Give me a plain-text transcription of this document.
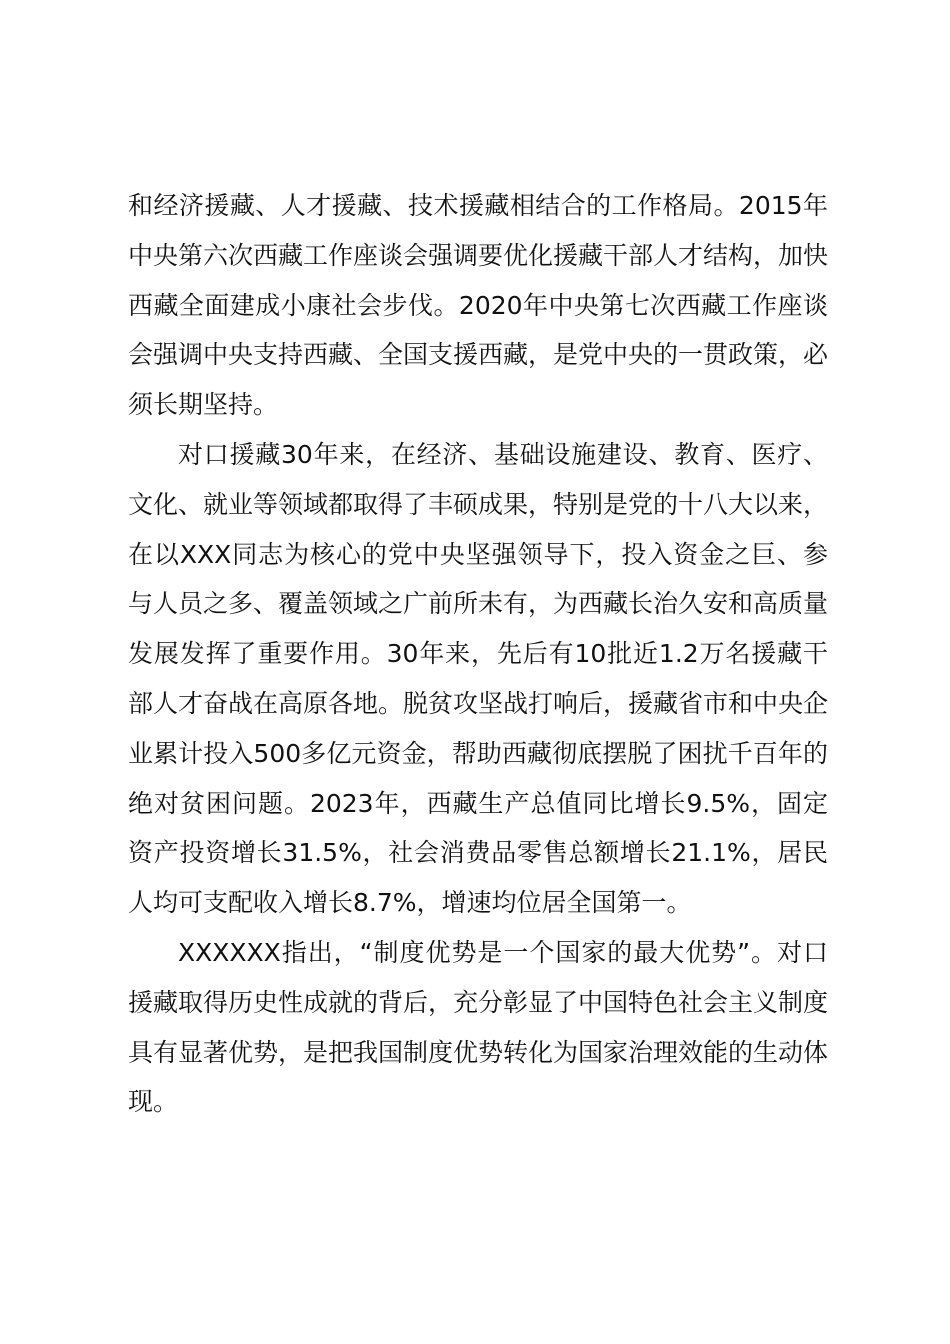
和经济援藏、人才援藏、技术援藏相结合的工作格局。2015年中央第六次西藏工作座谈会强调要优化援藏干部人才结构，加快西藏全面建成小康社会步伐。2020年中央第七次西藏工作座谈会强调中央支持西藏、全国支援西藏，是党中央的一贯政策，必须长期坚持。

对口援藏30年来，在经济、基础设施建设、教育、医疗、文化、就业等领域都取得了丰硕成果，特别是党的十八大以来，在以XXX同志为核心的党中央坚强领导下，投入资金之巨、参与人员之多、覆盖领域之广前所未有，为西藏长治久安和高质量发展发挥了重要作用。30年来，先后有10批近1.2万名援藏干部人才奋战在高原各地。脱贫攻坚战打响后，援藏省市和中央企业累计投入500多亿元资金，帮助西藏彻底摆脱了困扰千百年的绝对贫困问题。2023年，西藏生产总值同比增长9.5%，固定资产投资增长31.5%，社会消费品零售总额增长21.1%，居民人均可支配收入增长8.7%，增速均位居全国第一。

XXXXXX指出，“制度优势是一个国家的最大优势”。对口援藏取得历史性成就的背后，充分彰显了中国特色社会主义制度具有显著优势，是把我国制度优势转化为国家治理效能的生动体现。
